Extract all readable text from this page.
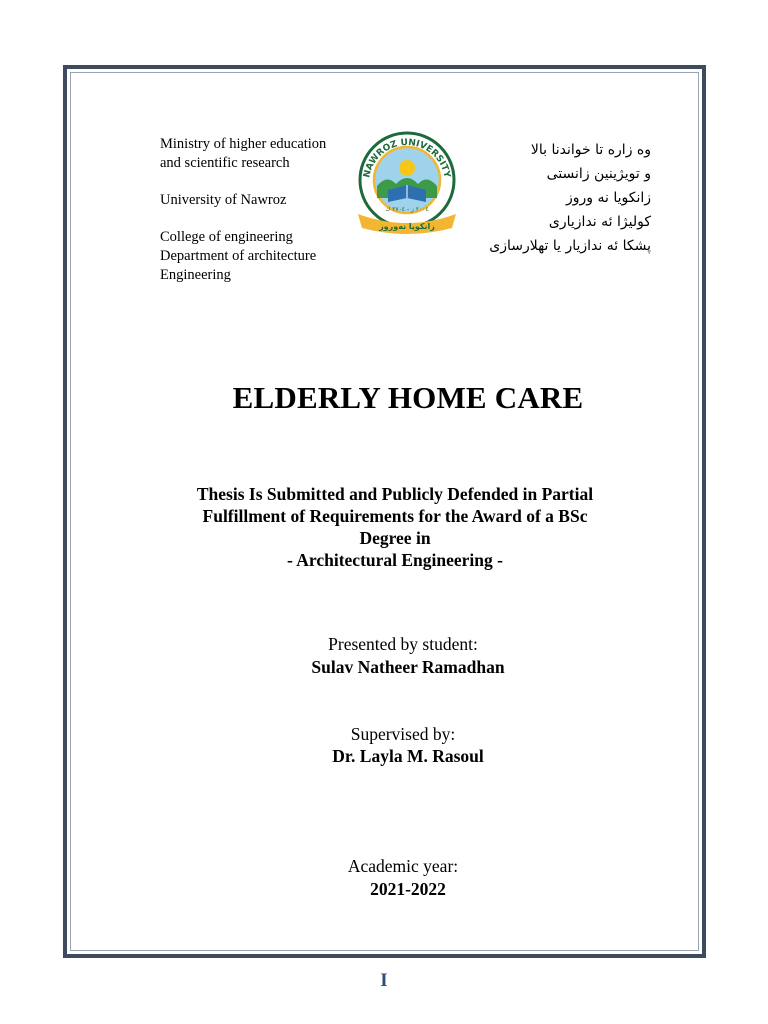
Ministry of higher education
and scientific research
University of Nawroz
College of engineering
Department of architecture
Engineering
NAWROZ UNIVERSITY
٢٠٠٤ ز - ٢٧٠٤ ك
زانكويا نه‌وروز
وه زاره تا خواندنا بالا
و تویژینین زانستی
زانكويا نه وروز
كوليژا ئه ندازيارى
پشكا ئه ندازيار يا تهلارسازى
ELDERLY HOME CARE
Thesis Is Submitted and Publicly Defended in Partial
Fulfillment of Requirements for the Award of a BSc
Degree in
- Architectural Engineering -
Presented by student:
Sulav Natheer Ramadhan
Supervised by:
Dr. Layla M. Rasoul
Academic year:
2021-2022
I
